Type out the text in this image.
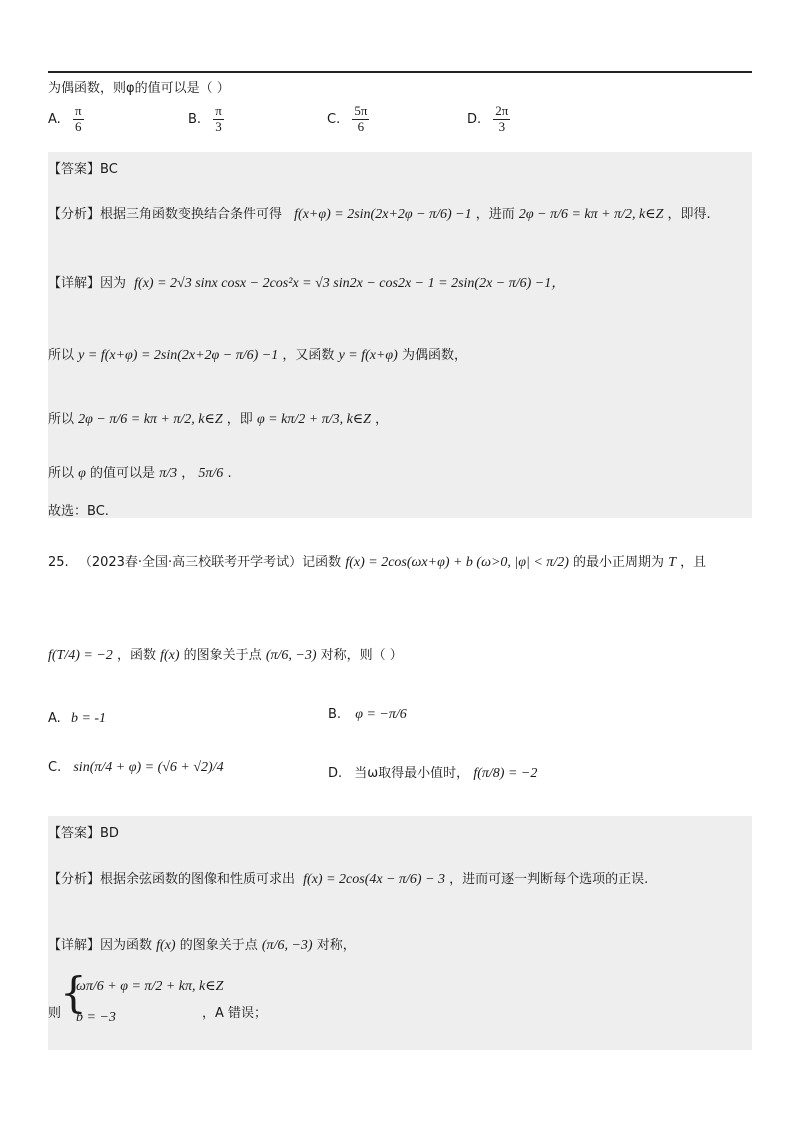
为偶函数，则φ的值可以是（ ）
A. $\frac{\pi}{6}$	B. $\frac{\pi}{3}$	C. $\frac{5\pi}{6}$	D. $\frac{2\pi}{3}$
【答案】BC
【分析】根据三角函数变换结合条件可得 f(x+φ) = 2sin(2x+2φ − π/6) −1 ，进而 2φ − π/6 = kπ + π/2, k∈Z ，即得.
【详解】因为 f(x) = 2√3 sinx cosx − 2cos²x = √3 sin2x − cos2x − 1 = 2sin(2x − π/6) −1，
所以 y = f(x+φ) = 2sin(2x+2φ − π/6) −1 ，又函数 y = f(x+φ) 为偶函数，
所以 2φ − π/6 = kπ + π/2, k∈Z ，即 φ = kπ/2 + π/3, k∈Z ，
所以 φ 的值可以是 π/3 ， 5π/6 .
故选：BC.
25. （2023春·全国·高三校联考开学考试）记函数 f(x) = 2cos(ωx+φ) + b (ω>0, |φ| < π/2) 的最小正周期为 T ，且
f(T/4) = −2 ，函数 f(x) 的图象关于点 (π/6, −3) 对称，则（ ）
A. b = -1	B. φ = −π/6
C. sin(π/4 + φ) = (√6 + √2)/4	D. 当ω取得最小值时， f(π/8) = −2
【答案】BD
【分析】根据余弦函数的图像和性质可求出 f(x) = 2cos(4x − π/6) − 3 ，进而可逐一判断每个选项的正误.
【详解】因为函数 f(x) 的图象关于点 (π/6, −3) 对称，
则
{
ωπ/6 + φ = π/2 + kπ, k∈Z
b = −3	，A 错误；
